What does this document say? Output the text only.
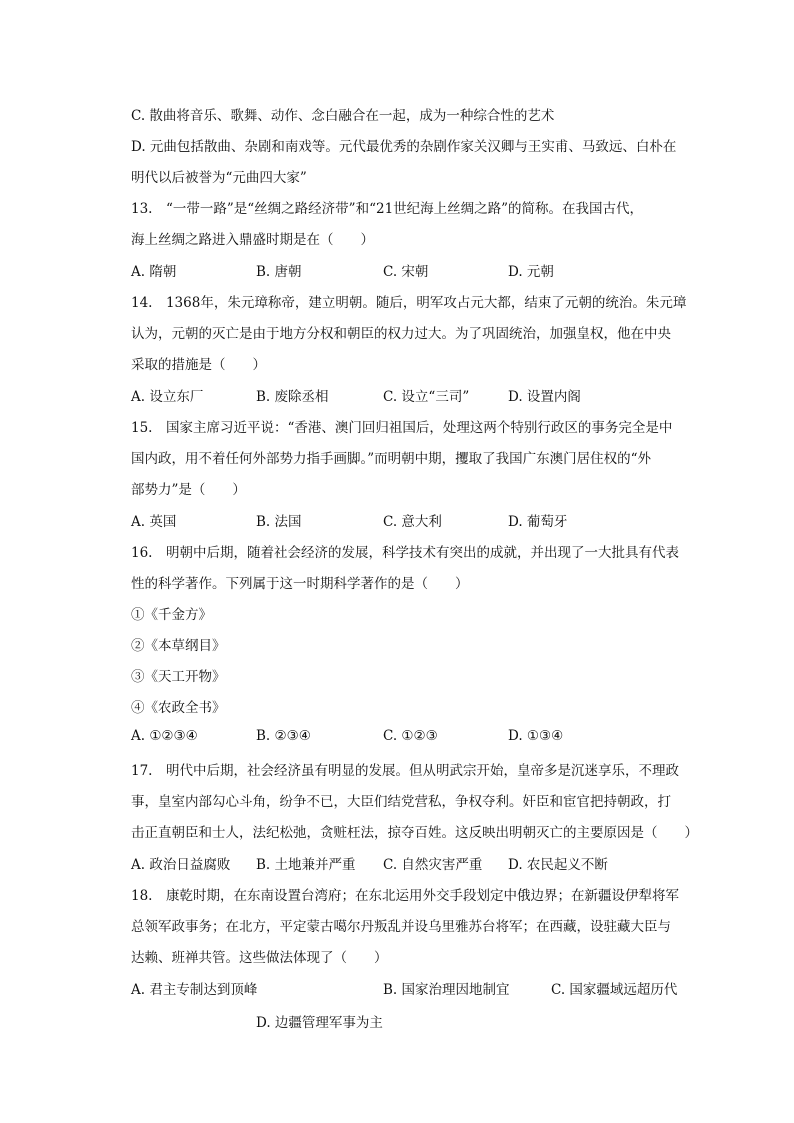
C. 散曲将音乐、歌舞、动作、念白融合在一起，成为一种综合性的艺术
D. 元曲包括散曲、杂剧和南戏等。元代最优秀的杂剧作家关汉卿与王实甫、马致远、白朴在
明代以后被誉为“元曲四大家”
13.　“一带一路”是“丝绸之路经济带”和“21世纪海上丝绸之路”的简称。在我国古代，
海上丝绸之路进入鼎盛时期是在（　　）
A. 隋朝	B. 唐朝	C. 宋朝	D. 元朝
14.　1368年，朱元璋称帝，建立明朝。随后，明军攻占元大都，结束了元朝的统治。朱元璋
认为，元朝的灭亡是由于地方分权和朝臣的权力过大。为了巩固统治，加强皇权，他在中央
采取的措施是（　　）
A. 设立东厂	B. 废除丞相	C. 设立“三司”	D. 设置内阁
15.　国家主席习近平说：“香港、澳门回归祖国后，处理这两个特别行政区的事务完全是中
国内政，用不着任何外部势力指手画脚。”而明朝中期，攫取了我国广东澳门居住权的“外
部势力”是（　　）
A. 英国	B. 法国	C. 意大利	D. 葡萄牙
16.　明朝中后期，随着社会经济的发展，科学技术有突出的成就，并出现了一大批具有代表
性的科学著作。下列属于这一时期科学著作的是（　　）
①《千金方》
②《本草纲目》
③《天工开物》
④《农政全书》
A. ①②③④	B. ②③④	C. ①②③	D. ①③④
17.　明代中后期，社会经济虽有明显的发展。但从明武宗开始，皇帝多是沉迷享乐，不理政
事，皇室内部勾心斗角，纷争不已，大臣们结党营私，争权夺利。奸臣和宦官把持朝政，打
击正直朝臣和士人，法纪松弛，贪赃枉法，掠夺百姓。这反映出明朝灭亡的主要原因是（　　）
A. 政治日益腐败 B. 土地兼并严重 C. 自然灾害严重 D. 农民起义不断
18.　康乾时期，在东南设置台湾府；在东北运用外交手段划定中俄边界；在新疆设伊犁将军
总领军政事务；在北方，平定蒙古噶尔丹叛乱并设乌里雅苏台将军；在西藏，设驻藏大臣与
达赖、班禅共管。这些做法体现了（　　）
A. 君主专制达到顶峰	B. 国家治理因地制宜	C. 国家疆域远超历代
D. 边疆管理军事为主
